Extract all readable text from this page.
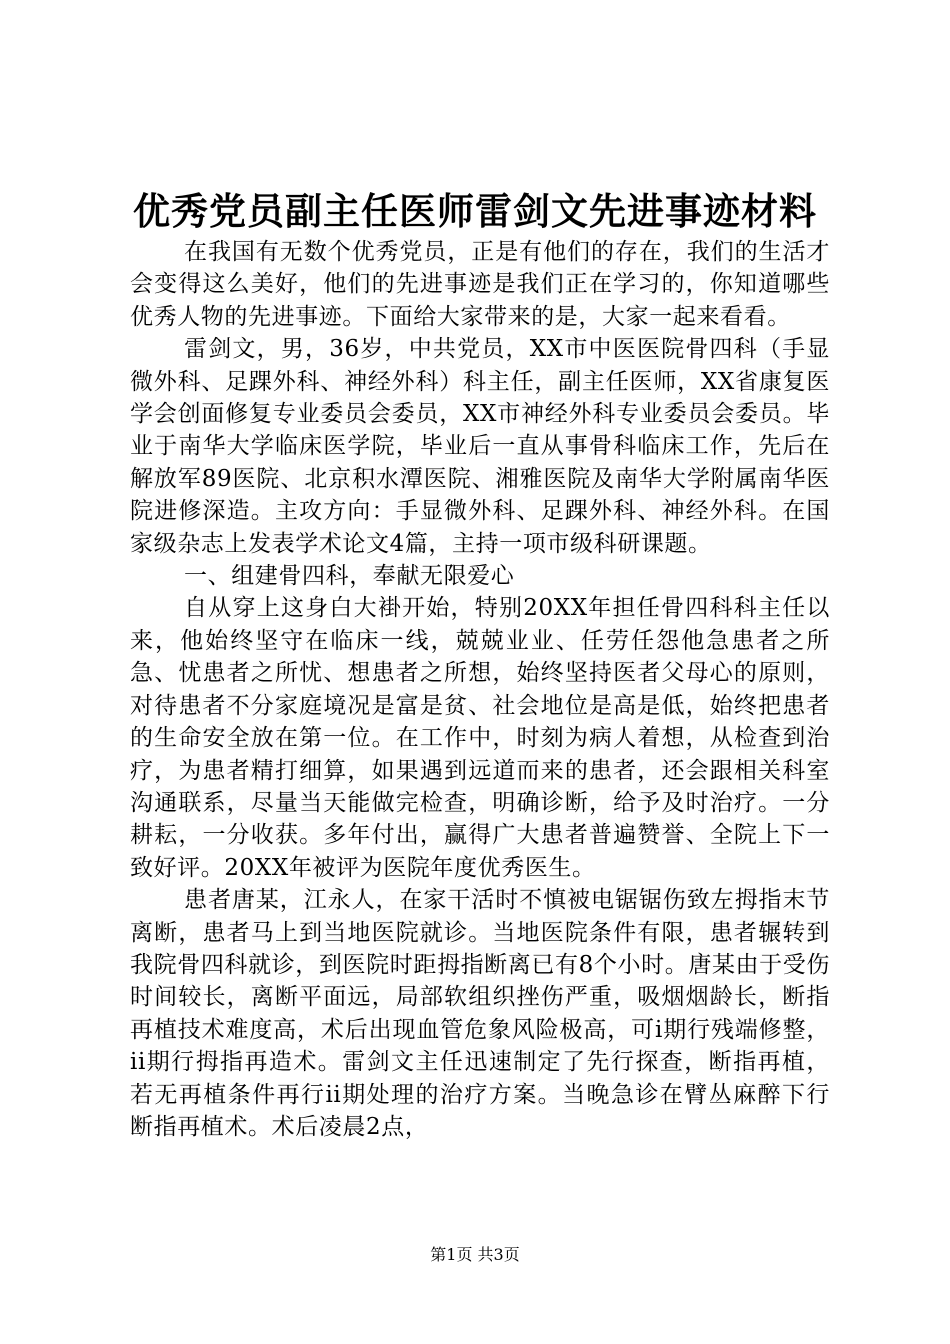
优秀党员副主任医师雷剑文先进事迹材料

在我国有无数个优秀党员，正是有他们的存在，我们的生活才会变得这么美好，他们的先进事迹是我们正在学习的，你知道哪些优秀人物的先进事迹。下面给大家带来的是，大家一起来看看。

雷剑文，男，36岁，中共党员，XX市中医医院骨四科（手显微外科、足踝外科、神经外科）科主任，副主任医师，XX省康复医学会创面修复专业委员会委员，XX市神经外科专业委员会委员。毕业于南华大学临床医学院，毕业后一直从事骨科临床工作，先后在解放军89医院、北京积水潭医院、湘雅医院及南华大学附属南华医院进修深造。主攻方向：手显微外科、足踝外科、神经外科。在国家级杂志上发表学术论文4篇，主持一项市级科研课题。

一、组建骨四科，奉献无限爱心

自从穿上这身白大褂开始，特别20XX年担任骨四科科主任以来，他始终坚守在临床一线，兢兢业业、任劳任怨他急患者之所急、忧患者之所忧、想患者之所想，始终坚持医者父母心的原则，对待患者不分家庭境况是富是贫、社会地位是高是低，始终把患者的生命安全放在第一位。在工作中，时刻为病人着想，从检查到治疗，为患者精打细算，如果遇到远道而来的患者，还会跟相关科室沟通联系，尽量当天能做完检查，明确诊断，给予及时治疗。一分耕耘，一分收获。多年付出，赢得广大患者普遍赞誉、全院上下一致好评。20XX年被评为医院年度优秀医生。

患者唐某，江永人，在家干活时不慎被电锯锯伤致左拇指末节离断，患者马上到当地医院就诊。当地医院条件有限，患者辗转到我院骨四科就诊，到医院时距拇指断离已有8个小时。唐某由于受伤时间较长，离断平面远，局部软组织挫伤严重，吸烟烟龄长，断指再植技术难度高，术后出现血管危象风险极高，可i期行残端修整，ii期行拇指再造术。雷剑文主任迅速制定了先行探查，断指再植，若无再植条件再行ii期处理的治疗方案。当晚急诊在臂丛麻醉下行断指再植术。术后凌晨2点，

第1页 共3页
